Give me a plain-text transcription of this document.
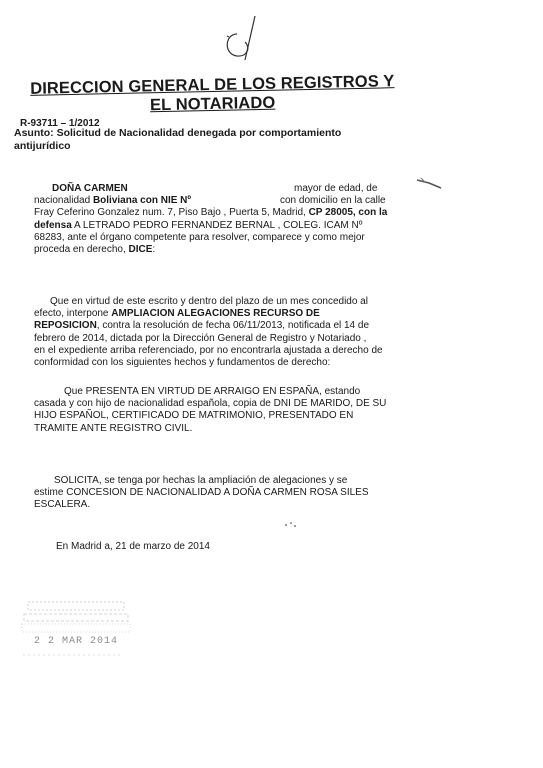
DIRECCION GENERAL DE LOS REGISTROS Y
EL NOTARIADO
R-93711 – 1/2012
Asunto: Solicitud de Nacionalidad denegada por comportamiento
antijurídico
DOÑA CARMEN	mayor de edad, de
nacionalidad Boliviana con NIE Nº	con domicilio en la calle
Fray Ceferino Gonzalez num. 7, Piso Bajo , Puerta 5, Madrid, CP 28005, con la
defensa A LETRADO PEDRO FERNANDEZ BERNAL , COLEG. ICAM Nº
68283, ante el órgano competente para resolver, comparece y como mejor
proceda en derecho, DICE:
Que en virtud de este escrito y dentro del plazo de un mes concedido al
efecto, interpone AMPLIACION ALEGACIONES RECURSO DE
REPOSICION, contra la resolución de fecha 06/11/2013, notificada el 14 de
febrero de 2014, dictada por la Dirección General de Registro y Notariado ,
en el expediente arriba referenciado, por no encontrarla ajustada a derecho de
conformidad con los siguientes hechos y fundamentos de derecho:
Que PRESENTA EN VIRTUD DE ARRAIGO EN ESPAÑA, estando
casada y con hijo de nacionalidad española, copia de DNI DE MARIDO, DE SU
HIJO ESPAÑOL, CERTIFICADO DE MATRIMONIO, PRESENTADO EN
TRAMITE ANTE REGISTRO CIVIL.
SOLICITA, se tenga por hechas la ampliación de alegaciones y se
estime CONCESION DE NACIONALIDAD A DOÑA CARMEN ROSA SILES
ESCALERA.
En Madrid a, 21 de marzo de 2014
2 2 MAR 2014
